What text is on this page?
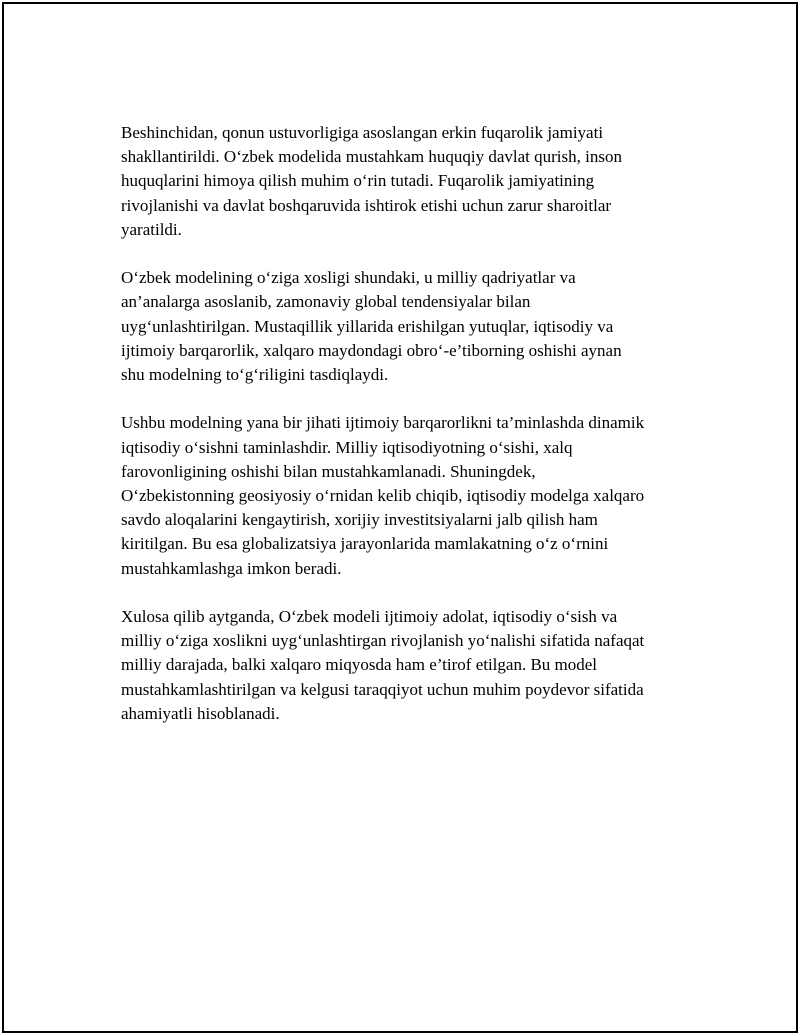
Beshinchidan, qonun ustuvorligiga asoslangan erkin fuqarolik jamiyati
shakllantirildi. O‘zbek modelida mustahkam huquqiy davlat qurish, inson
huquqlarini himoya qilish muhim o‘rin tutadi. Fuqarolik jamiyatining
rivojlanishi va davlat boshqaruvida ishtirok etishi uchun zarur sharoitlar
yaratildi.

O‘zbek modelining o‘ziga xosligi shundaki, u milliy qadriyatlar va
an’analarga asoslanib, zamonaviy global tendensiyalar bilan
uyg‘unlashtirilgan. Mustaqillik yillarida erishilgan yutuqlar, iqtisodiy va
ijtimoiy barqarorlik, xalqaro maydondagi obro‘-e’tiborning oshishi aynan
shu modelning to‘g‘riligini tasdiqlaydi.

Ushbu modelning yana bir jihati ijtimoiy barqarorlikni ta’minlashda dinamik
iqtisodiy o‘sishni taminlashdir. Milliy iqtisodiyotning o‘sishi, xalq
farovonligining oshishi bilan mustahkamlanadi. Shuningdek,
O‘zbekistonning geosiyosiy o‘rnidan kelib chiqib, iqtisodiy modelga xalqaro
savdo aloqalarini kengaytirish, xorijiy investitsiyalarni jalb qilish ham
kiritilgan. Bu esa globalizatsiya jarayonlarida mamlakatning o‘z o‘rnini
mustahkamlashga imkon beradi.

Xulosa qilib aytganda, O‘zbek modeli ijtimoiy adolat, iqtisodiy o‘sish va
milliy o‘ziga xoslikni uyg‘unlashtirgan rivojlanish yo‘nalishi sifatida nafaqat
milliy darajada, balki xalqaro miqyosda ham e’tirof etilgan. Bu model
mustahkamlashtirilgan va kelgusi taraqqiyot uchun muhim poydevor sifatida
ahamiyatli hisoblanadi.
